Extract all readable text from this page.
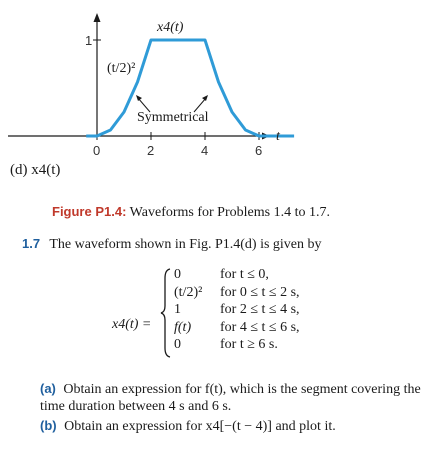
0	2	4	6
1
x4(t)
(t/2)²
Symmetrical
t
(d) x4(t)
Figure P1.4: Waveforms for Problems 1.4 to 1.7.
1.7 The waveform shown in Fig. P1.4(d) is given by
x4(t) =
0	for t ≤ 0,
(t/2)² for 0 ≤ t ≤ 2 s,
1	for 2 ≤ t ≤ 4 s,
f(t) for 4 ≤ t ≤ 6 s,
0	for t ≥ 6 s.
(a) Obtain an expression for f(t), which is the segment covering the time duration between 4 s and 6 s.
(b) Obtain an expression for x4[−(t − 4)] and plot it.
